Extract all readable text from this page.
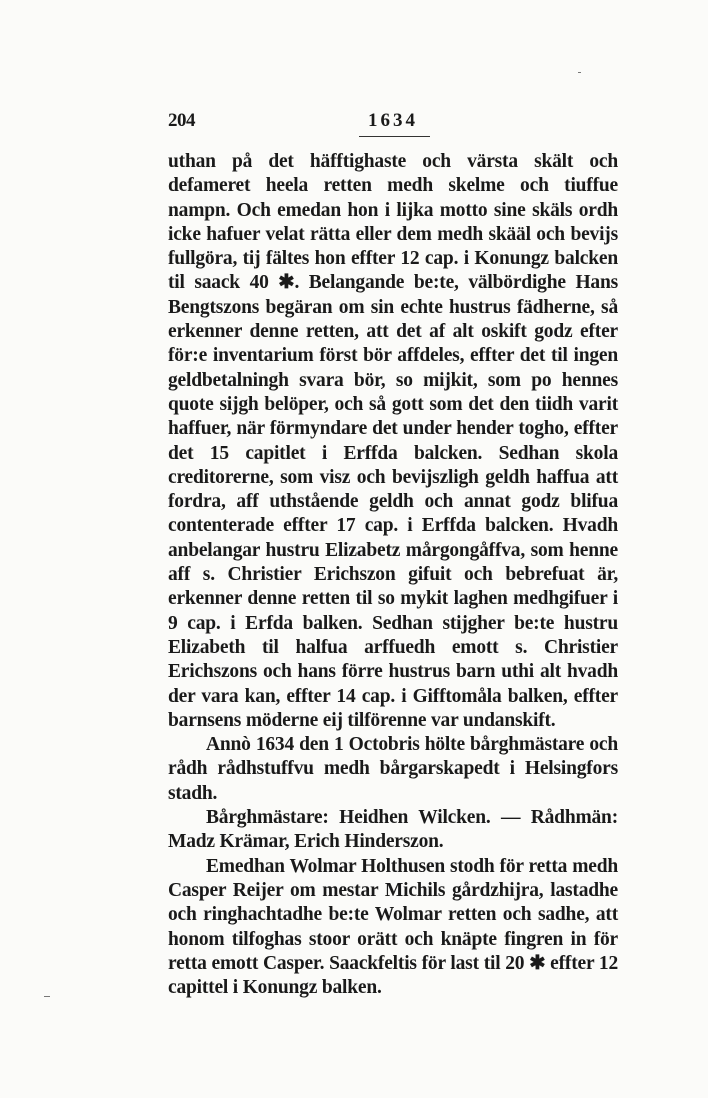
204	1634

uthan på det häfftighaste och värsta skält och defameret heela retten medh skelme och tiuffue nampn. Och emedan hon i lijka motto sine skäls ordh icke hafuer velat rätta eller dem medh skääl och bevijs fullgöra, tij fältes hon effter 12 cap. i Konungz balcken til saack 40 ✱. Belangande be:te, välbördighe Hans Bengtszons begäran om sin echte hustrus fädherne, så erkenner denne retten, att det af alt oskift godz efter för:e inventarium först bör affdeles, effter det til ingen geldbetalningh svara bör, so mijkit, som po hennes quote sijgh belöper, och så gott som det den tiidh varit haffuer, när förmyndare det under hender togho, effter det 15 capitlet i Erffda balcken. Sedhan skola creditorerne, som visz och bevijszligh geldh haffua att fordra, aff uthstående geldh och annat godz blifua contenterade effter 17 cap. i Erffda balcken. Hvadh anbelangar hustru Elizabetz mårgongåffva, som henne aff s. Christier Erichszon gifuit och bebrefuat är, erkenner denne retten til so mykit laghen medhgifuer i 9 cap. i Erfda balken. Sedhan stijgher be:te hustru Elizabeth til halfua arffuedh emott s. Christier Erichszons och hans förre hustrus barn uthi alt hvadh der vara kan, effter 14 cap. i Gifftomåla balken, effter barnsens möderne eij tilförenne var undanskift.

Annò 1634 den 1 Octobris hölte bårghmästare och rådh rådhstuffvu medh bårgarskapedt i Helsingfors stadh.

Bårghmästare: Heidhen Wilcken. — Rådhmän: Madz Krämar, Erich Hinderszon.

Emedhan Wolmar Holthusen stodh för retta medh Casper Reijer om mestar Michils gårdzhijra, lastadhe och ringhachtadhe be:te Wolmar retten och sadhe, att honom tilfoghas stoor orätt och knäpte fingren in för retta emott Casper. Saackfeltis för last til 20 ✱ effter 12 capittel i Konungz balken.
